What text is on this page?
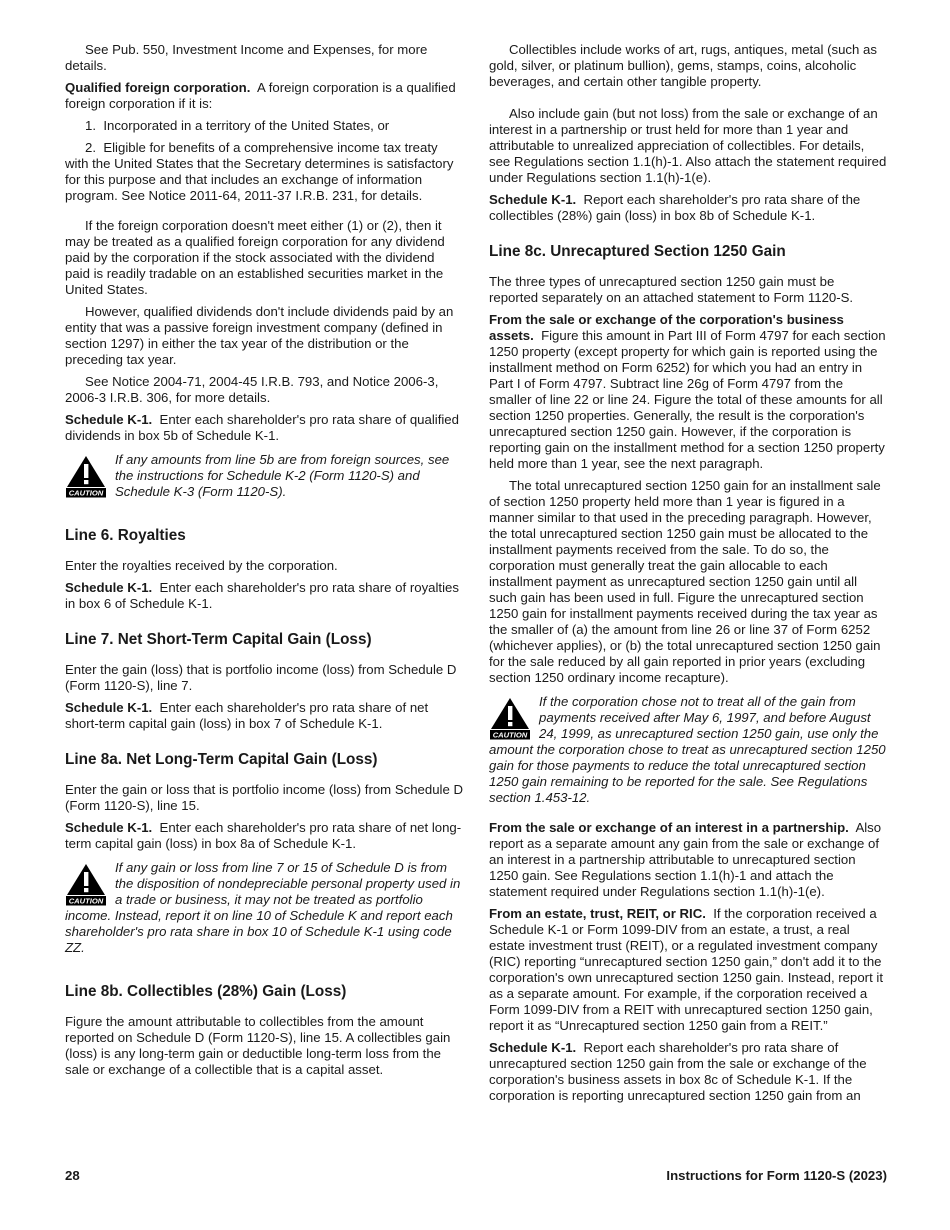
See Pub. 550, Investment Income and Expenses, for more details.

Qualified foreign corporation. A foreign corporation is a qualified foreign corporation if it is:

1.  Incorporated in a territory of the United States, or

2.  Eligible for benefits of a comprehensive income tax treaty with the United States that the Secretary determines is satisfactory for this purpose and that includes an exchange of information program. See Notice 2011-64, 2011-37 I.R.B. 231, for details.

If the foreign corporation doesn't meet either (1) or (2), then it may be treated as a qualified foreign corporation for any dividend paid by the corporation if the stock associated with the dividend paid is readily tradable on an established securities market in the United States.

However, qualified dividends don't include dividends paid by an entity that was a passive foreign investment company (defined in section 1297) in either the tax year of the distribution or the preceding tax year.

See Notice 2004-71, 2004-45 I.R.B. 793, and Notice 2006-3, 2006-3 I.R.B. 306, for more details.

Schedule K-1. Enter each shareholder's pro rata share of qualified dividends in box 5b of Schedule K-1.

CAUTION
If any amounts from line 5b are from foreign sources, see the instructions for Schedule K-2 (Form 1120-S) and Schedule K-3 (Form 1120-S).
Line 6. Royalties

Enter the royalties received by the corporation.

Schedule K-1. Enter each shareholder's pro rata share of royalties in box 6 of Schedule K-1.

Line 7. Net Short-Term Capital Gain (Loss)

Enter the gain (loss) that is portfolio income (loss) from Schedule D (Form 1120-S), line 7.

Schedule K-1. Enter each shareholder's pro rata share of net short-term capital gain (loss) in box 7 of Schedule K-1.

Line 8a. Net Long-Term Capital Gain (Loss)

Enter the gain or loss that is portfolio income (loss) from Schedule D (Form 1120-S), line 15.

Schedule K-1. Enter each shareholder's pro rata share of net long-term capital gain (loss) in box 8a of Schedule K-1.

CAUTION
If any gain or loss from line 7 or 15 of Schedule D is from the disposition of nondepreciable personal property used in a trade or business, it may not be treated as portfolio income. Instead, report it on line 10 of Schedule K and report each shareholder's pro rata share in box 10 of Schedule K-1 using code ZZ.
Line 8b. Collectibles (28%) Gain (Loss)

Figure the amount attributable to collectibles from the amount reported on Schedule D (Form 1120-S), line 15. A collectibles gain (loss) is any long-term gain or deductible long-term loss from the sale or exchange of a collectible that is a capital asset.

Collectibles include works of art, rugs, antiques, metal (such as gold, silver, or platinum bullion), gems, stamps, coins, alcoholic beverages, and certain other tangible property.

Also include gain (but not loss) from the sale or exchange of an interest in a partnership or trust held for more than 1 year and attributable to unrealized appreciation of collectibles. For details, see Regulations section 1.1(h)-1. Also attach the statement required under Regulations section 1.1(h)-1(e).

Schedule K-1. Report each shareholder's pro rata share of the collectibles (28%) gain (loss) in box 8b of Schedule K-1.

Line 8c. Unrecaptured Section 1250 Gain

The three types of unrecaptured section 1250 gain must be reported separately on an attached statement to Form 1120-S.

From the sale or exchange of the corporation's business assets. Figure this amount in Part III of Form 4797 for each section 1250 property (except property for which gain is reported using the installment method on Form 6252) for which you had an entry in Part I of Form 4797. Subtract line 26g of Form 4797 from the smaller of line 22 or line 24. Figure the total of these amounts for all section 1250 properties. Generally, the result is the corporation's unrecaptured section 1250 gain. However, if the corporation is reporting gain on the installment method for a section 1250 property held more than 1 year, see the next paragraph.

The total unrecaptured section 1250 gain for an installment sale of section 1250 property held more than 1 year is figured in a manner similar to that used in the preceding paragraph. However, the total unrecaptured section 1250 gain must be allocated to the installment payments received from the sale. To do so, the corporation must generally treat the gain allocable to each installment payment as unrecaptured section 1250 gain until all such gain has been used in full. Figure the unrecaptured section 1250 gain for installment payments received during the tax year as the smaller of (a) the amount from line 26 or line 37 of Form 6252 (whichever applies), or (b) the total unrecaptured section 1250 gain for the sale reduced by all gain reported in prior years (excluding section 1250 ordinary income recapture).

CAUTION
If the corporation chose not to treat all of the gain from payments received after May 6, 1997, and before August 24, 1999, as unrecaptured section 1250 gain, use only the amount the corporation chose to treat as unrecaptured section 1250 gain for those payments to reduce the total unrecaptured section 1250 gain remaining to be reported for the sale. See Regulations section 1.453-12.

From the sale or exchange of an interest in a partnership. Also report as a separate amount any gain from the sale or exchange of an interest in a partnership attributable to unrecaptured section 1250 gain. See Regulations section 1.1(h)-1 and attach the statement required under Regulations section 1.1(h)-1(e).

From an estate, trust, REIT, or RIC. If the corporation received a Schedule K-1 or Form 1099-DIV from an estate, a trust, a real estate investment trust (REIT), or a regulated investment company (RIC) reporting “unrecaptured section 1250 gain,” don't add it to the corporation's own unrecaptured section 1250 gain. Instead, report it as a separate amount. For example, if the corporation received a Form 1099-DIV from a REIT with unrecaptured section 1250 gain, report it as “Unrecaptured section 1250 gain from a REIT.”

Schedule K-1. Report each shareholder's pro rata share of unrecaptured section 1250 gain from the sale or exchange of the corporation's business assets in box 8c of Schedule K-1. If the corporation is reporting unrecaptured section 1250 gain from an

28	Instructions for Form 1120-S (2023)
